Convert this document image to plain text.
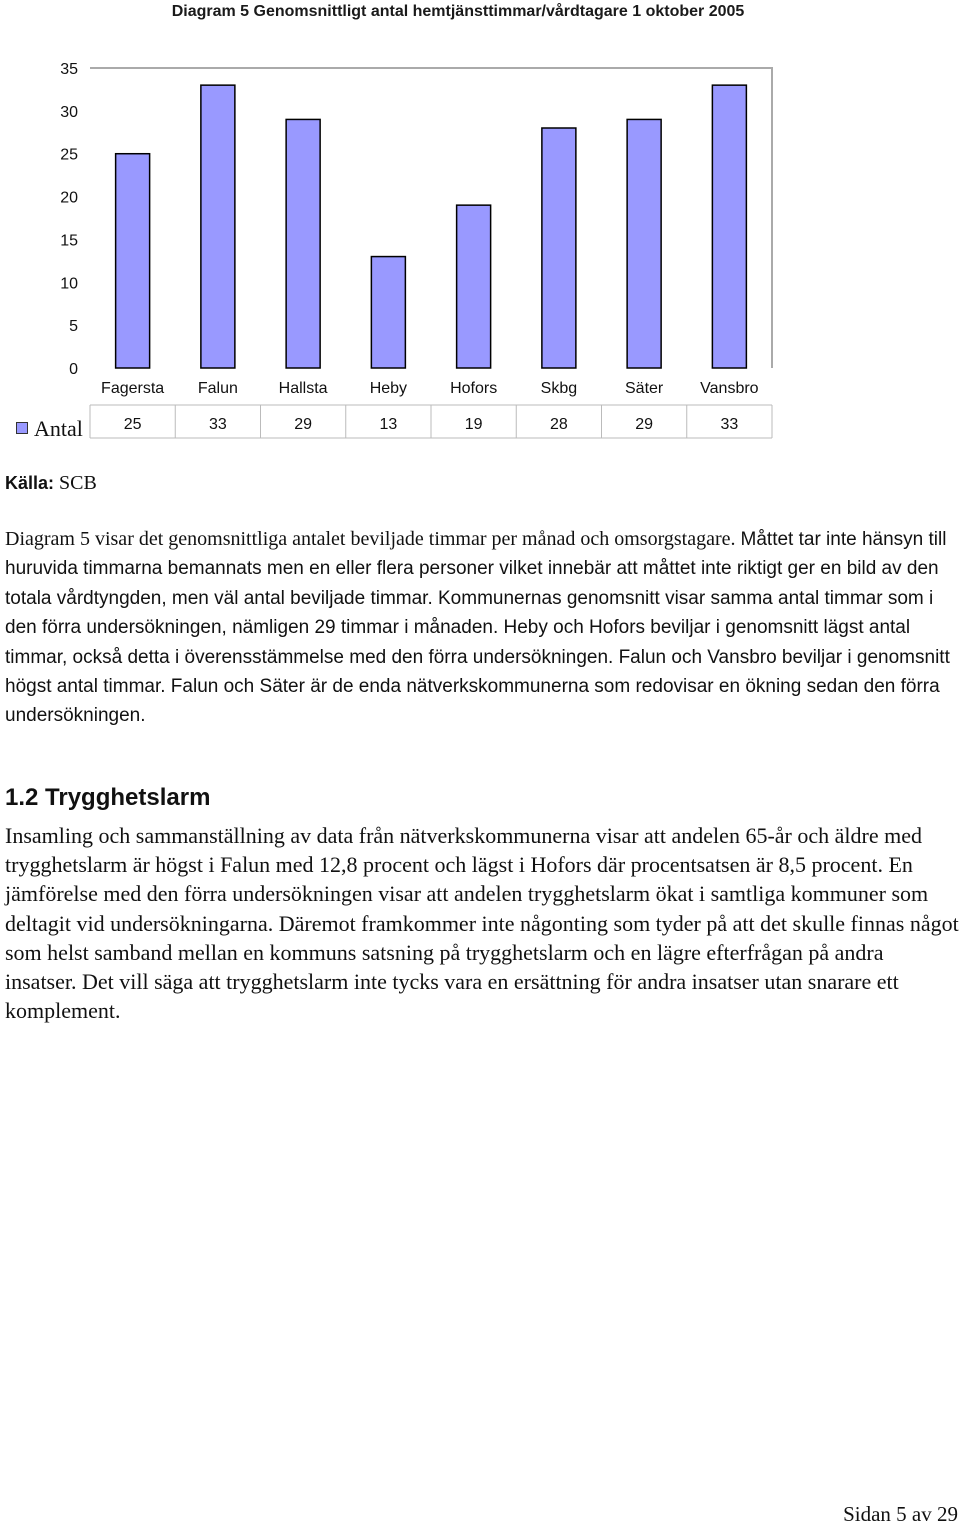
Diagram 5 Genomsnittligt antal hemtjänsttimmar/vårdtagare 1 oktober 2005
0
5
10
15
20
25
30
35
Fagersta
25
Falun
33
Hallsta
29
Heby
13
Hofors
19
Skbg
28
Säter
29
Vansbro
33
Antal
Källa: SCB
Diagram 5 visar det genomsnittliga antalet beviljade timmar per månad och omsorgstagare. Måttet tar inte hänsyn till huruvida timmarna bemannats men en eller flera personer vilket innebär att måttet inte riktigt ger en bild av den totala vårdtyngden, men väl antal beviljade timmar. Kommunernas genomsnitt visar samma antal timmar som i den förra undersökningen, nämligen 29 timmar i månaden. Heby och Hofors beviljar i genomsnitt lägst antal timmar, också detta i överensstämmelse med den förra undersökningen. Falun och Vansbro beviljar i genomsnitt högst antal timmar. Falun och Säter är de enda nätverkskommunerna som redovisar en ökning sedan den förra undersökningen.
1.2 Trygghetslarm
Insamling och sammanställning av data från nätverkskommunerna visar att andelen 65-år och äldre med trygghetslarm är högst i Falun med 12,8 procent och lägst i Hofors där procentsatsen är 8,5 procent. En jämförelse med den förra undersökningen visar att andelen trygghetslarm ökat i samtliga kommuner som deltagit vid undersökningarna. Däremot framkommer inte någonting som tyder på att det skulle finnas något som helst samband mellan en kommuns satsning på trygghetslarm och en lägre efterfrågan på andra insatser. Det vill säga att trygghetslarm inte tycks vara en ersättning för andra insatser utan snarare ett komplement.
Sidan 5 av 29
